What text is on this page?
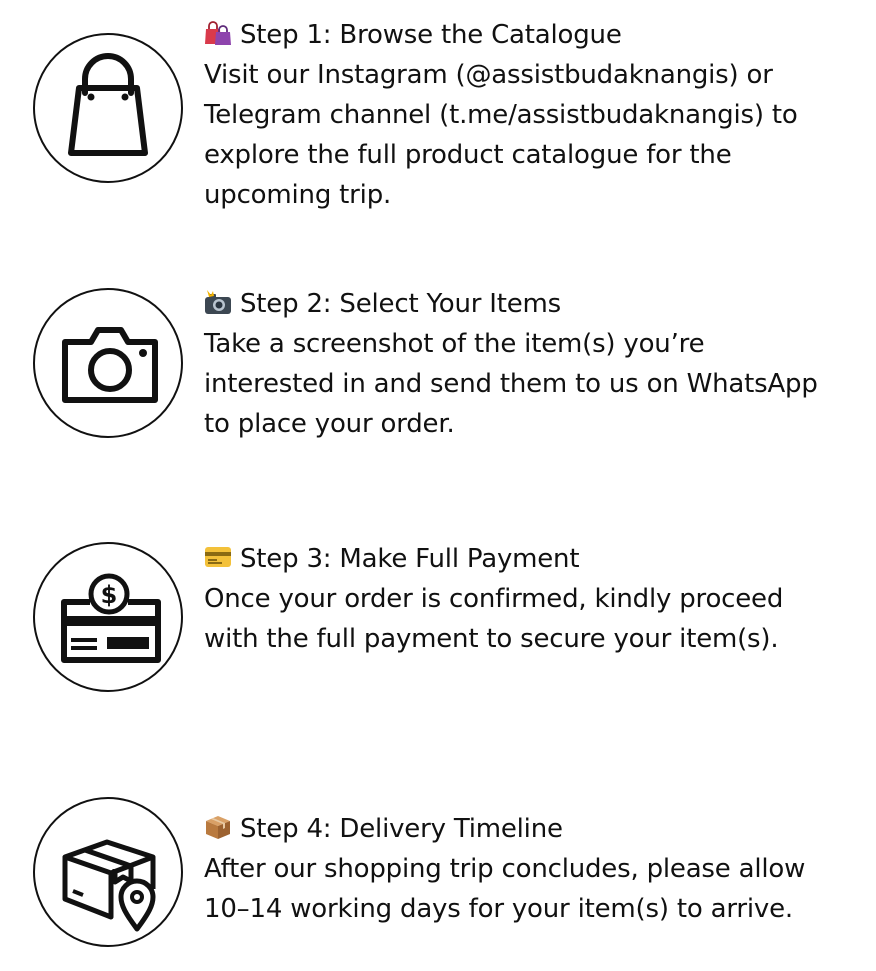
Step 1: Browse the Catalogue
Visit our Instagram (@assistbudaknangis) or
Telegram channel (t.me/assistbudaknangis) to
explore the full product catalogue for the
upcoming trip.
Step 2: Select Your Items
Take a screenshot of the item(s) you’re
interested in and send them to us on WhatsApp
to place your order.
$
Step 3: Make Full Payment
Once your order is confirmed, kindly proceed
with the full payment to secure your item(s).
Step 4: Delivery Timeline
After our shopping trip concludes, please allow
10–14 working days for your item(s) to arrive.
